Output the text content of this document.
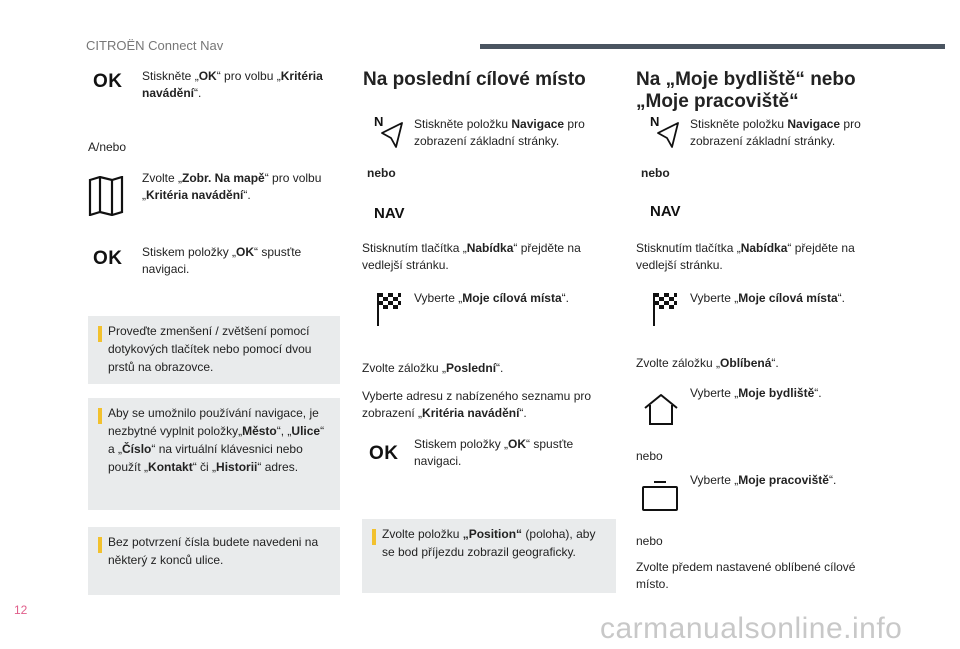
CITROËN Connect Nav
OK Stiskněte „OK“ pro volbu „Kritéria navádění“.
A/nebo
Zvolte „Zobr. Na mapě“ pro volbu „Kritéria navádění“.
OK Stiskem položky „OK“ spusťte navigaci.
Proveďte zmenšení / zvětšení pomocí dotykových tlačítek nebo pomocí dvou prstů na obrazovce.
Aby se umožnilo používání navigace, je nezbytné vyplnit položky„Město“, „Ulice“ a „Číslo“ na virtuální klávesnici nebo použít „Kontakt“ či „Historii“ adres.
Bez potvrzení čísla budete navedeni na některý z konců ulice.
Na poslední cílové místo
N	Stiskněte položku Navigace pro zobrazení základní stránky.
nebo
NAV
Stisknutím tlačítka „Nabídka“ přejděte na vedlejší stránku.
Vyberte „Moje cílová místa“.
Zvolte záložku „Poslední“.
Vyberte adresu z nabízeného seznamu pro zobrazení „Kritéria navádění“.
OK Stiskem položky „OK“ spusťte navigaci.
Zvolte položku „Position“ (poloha), aby se bod příjezdu zobrazil geograficky.
Na „Moje bydliště“ nebo
„Moje pracoviště“
N	Stiskněte položku Navigace pro zobrazení základní stránky.
nebo
NAV
Stisknutím tlačítka „Nabídka“ přejděte na vedlejší stránku.
Vyberte „Moje cílová místa“.
Zvolte záložku „Oblíbená“.
Vyberte „Moje bydliště“.
nebo
Vyberte „Moje pracoviště“.
nebo
Zvolte předem nastavené oblíbené cílové místo.
12
carmanualsonline.info
